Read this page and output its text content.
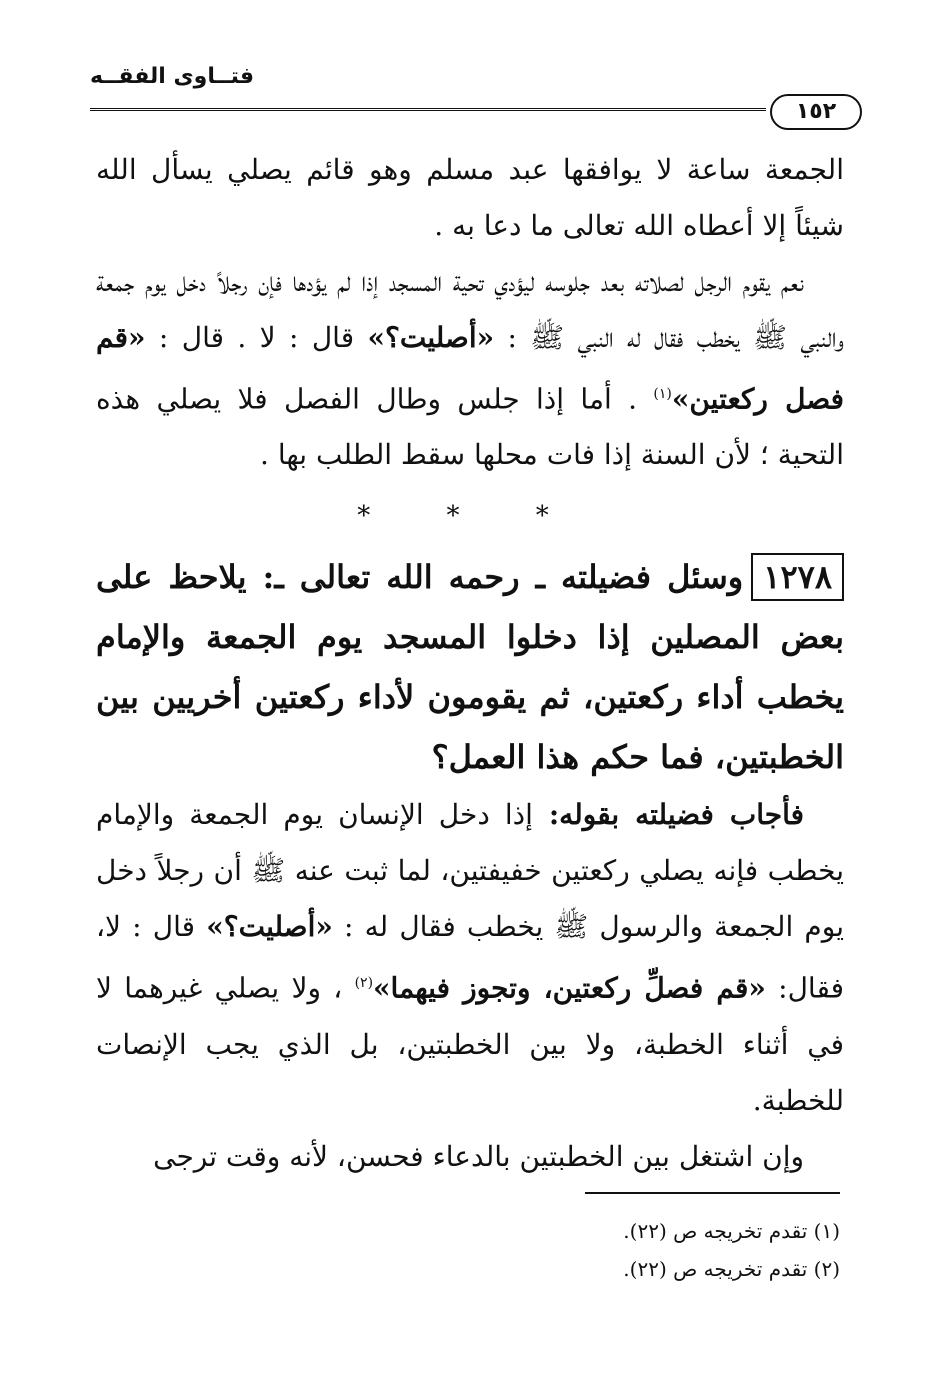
فتــاوى الفقــه
١٥٢

الجمعة ساعة لا يوافقها عبد مسلم وهو قائم يصلي يسأل الله شيئاً إلا أعطاه الله تعالى ما دعا به .

نعم يقوم الرجل لصلاته بعد جلوسه ليؤدي تحية المسجد إذا لم يؤدها فإن رجلاً دخل يوم جمعة والنبي ﷺ يخطب فقال له النبي ﷺ : «أصليت؟» قال : لا . قال : «قم فصل ركعتين»$^{(١)}$ . أما إذا جلس وطال الفصل فلا يصلي هذه التحية ؛ لأن السنة إذا فات محلها سقط الطلب بها .

* * *

١٢٧٨وسئل فضيلته ـ رحمه الله تعالى ـ: يلاحظ على بعض المصلين إذا دخلوا المسجد يوم الجمعة والإمام يخطب أداء ركعتين، ثم يقومون لأداء ركعتين أخريين بين الخطبتين، فما حكم هذا العمل؟

فأجاب فضيلته بقوله: إذا دخل الإنسان يوم الجمعة والإمام يخطب فإنه يصلي ركعتين خفيفتين، لما ثبت عنه ﷺ أن رجلاً دخل يوم الجمعة والرسول ﷺ يخطب فقال له : «أصليت؟» قال : لا، فقال: «قم فصلِّ ركعتين، وتجوز فيهما»$^{(٢)}$ ، ولا يصلي غيرهما لا في أثناء الخطبة، ولا بين الخطبتين، بل الذي يجب الإنصات للخطبة.

وإن اشتغل بين الخطبتين بالدعاء فحسن، لأنه وقت ترجى

(١) تقدم تخريجه ص (٢٢).

(٢) تقدم تخريجه ص (٢٢).
